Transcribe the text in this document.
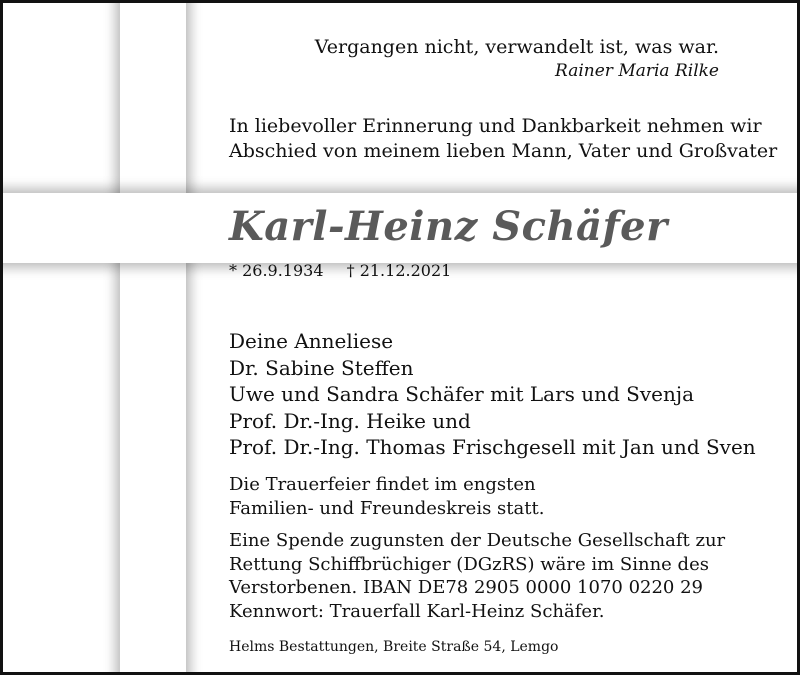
Vergangen nicht, verwandelt ist, was war.
Rainer Maria Rilke
In liebevoller Erinnerung und Dankbarkeit nehmen wir
Abschied von meinem lieben Mann, Vater und Großvater
Karl-Heinz Schäfer
* 26.9.1934 † 21.12.2021
Deine Anneliese
Dr. Sabine Steffen
Uwe und Sandra Schäfer mit Lars und Svenja
Prof. Dr.-Ing. Heike und
Prof. Dr.-Ing. Thomas Frischgesell mit Jan und Sven
Die Trauerfeier findet im engsten
Familien- und Freundeskreis statt.
Eine Spende zugunsten der Deutsche Gesellschaft zur
Rettung Schiffbrüchiger (DGzRS) wäre im Sinne des
Verstorbenen. IBAN DE78 2905 0000 1070 0220 29
Kennwort: Trauerfall Karl-Heinz Schäfer.
Helms Bestattungen, Breite Straße 54, Lemgo
